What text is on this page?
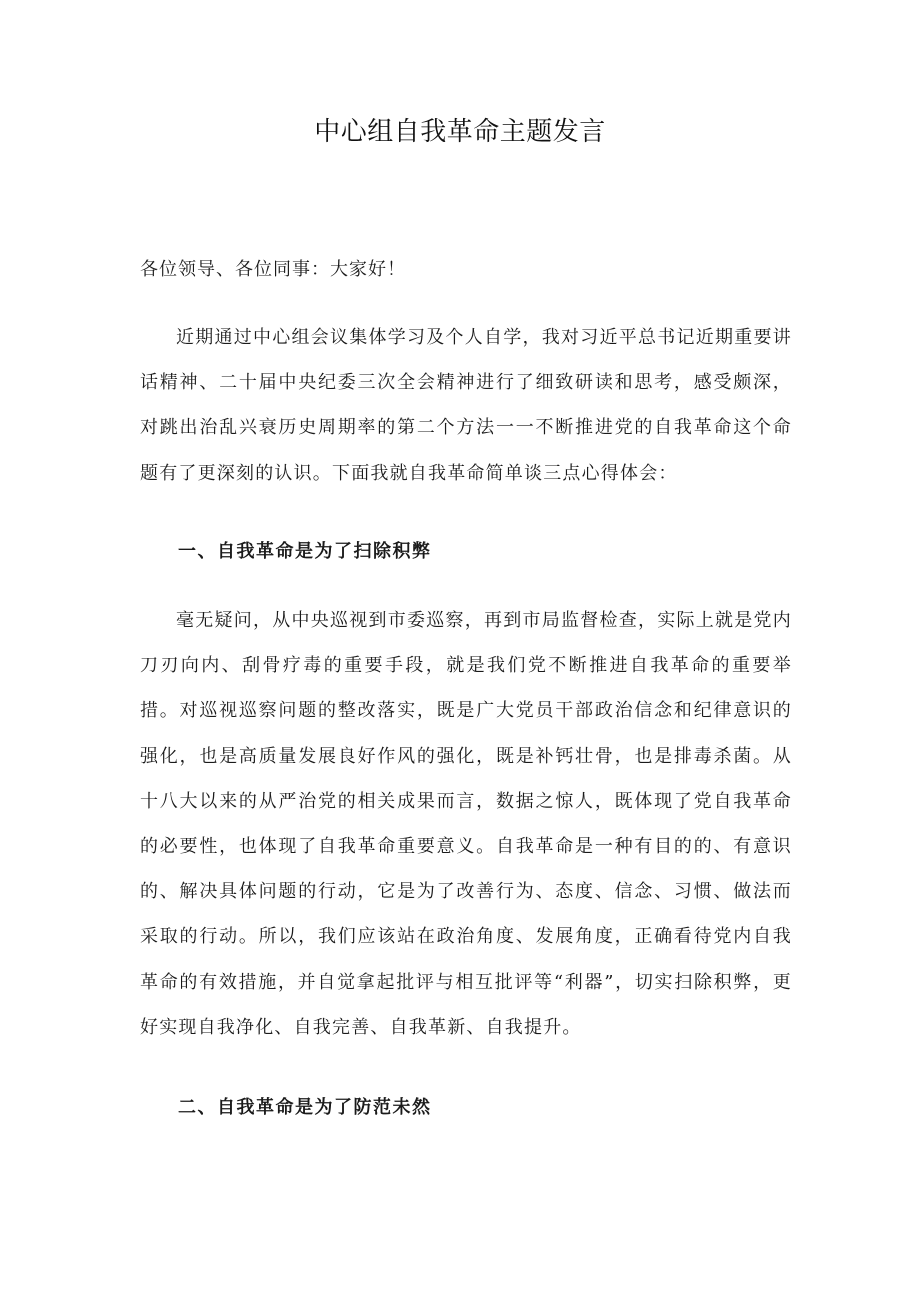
中心组自我革命主题发言

各位领导、各位同事：大家好！

近期通过中心组会议集体学习及个人自学，我对习近平总书记近期重要讲话精神、二十届中央纪委三次全会精神进行了细致研读和思考，感受颇深，对跳出治乱兴衰历史周期率的第二个方法一一不断推进党的自我革命这个命题有了更深刻的认识。下面我就自我革命简单谈三点心得体会：

一、自我革命是为了扫除积弊

毫无疑问，从中央巡视到市委巡察，再到市局监督检查，实际上就是党内刀刃向内、刮骨疗毒的重要手段，就是我们党不断推进自我革命的重要举措。对巡视巡察问题的整改落实，既是广大党员干部政治信念和纪律意识的强化，也是高质量发展良好作风的强化，既是补钙壮骨，也是排毒杀菌。从十八大以来的从严治党的相关成果而言，数据之惊人，既体现了党自我革命的必要性，也体现了自我革命重要意义。自我革命是一种有目的的、有意识的、解决具体问题的行动，它是为了改善行为、态度、信念、习惯、做法而采取的行动。所以，我们应该站在政治角度、发展角度，正确看待党内自我革命的有效措施，并自觉拿起批评与相互批评等“利器”，切实扫除积弊，更好实现自我净化、自我完善、自我革新、自我提升。

二、自我革命是为了防范未然
